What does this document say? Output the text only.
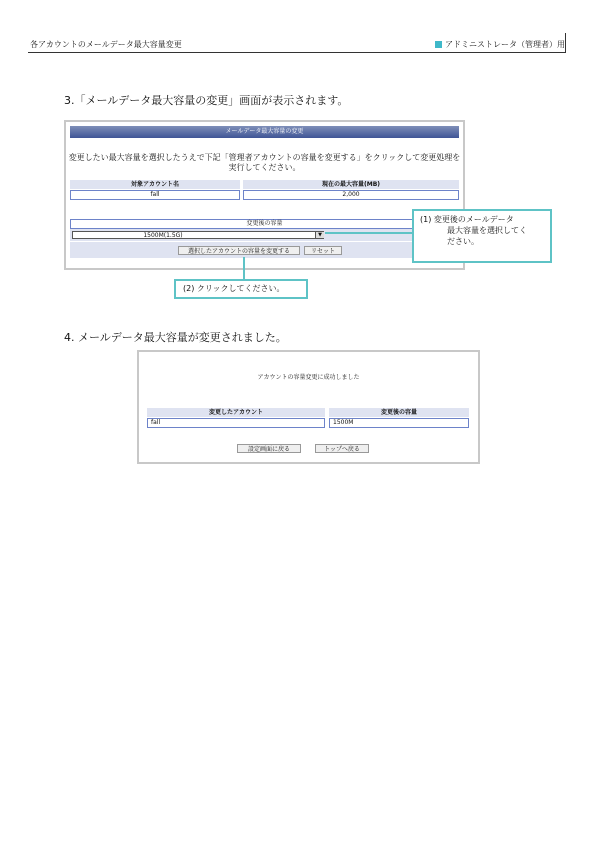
各アカウントのメールデータ最大容量変更	アドミニストレータ（管理者）用
3.「メールデータ最大容量の変更」画面が表示されます。
メールデータ最大容量の変更
変更したい最大容量を選択したうえで下記「管理者アカウントの容量を変更する」をクリックして変更処理を実行してください。
対象アカウント名	現在の最大容量(MB)
fall	2,000
変更後の容量
1500M(1.5G)	▼
選択したアカウントの容量を変更する	リセット
(1) 変更後のメールデータ
最大容量を選択してく
ださい。
(2) クリックしてください。
4. メールデータ最大容量が変更されました。
アカウントの容量変更に成功しました
変更したアカウント	変更後の容量
fall	1500M
設定画面に戻る	トップへ戻る
